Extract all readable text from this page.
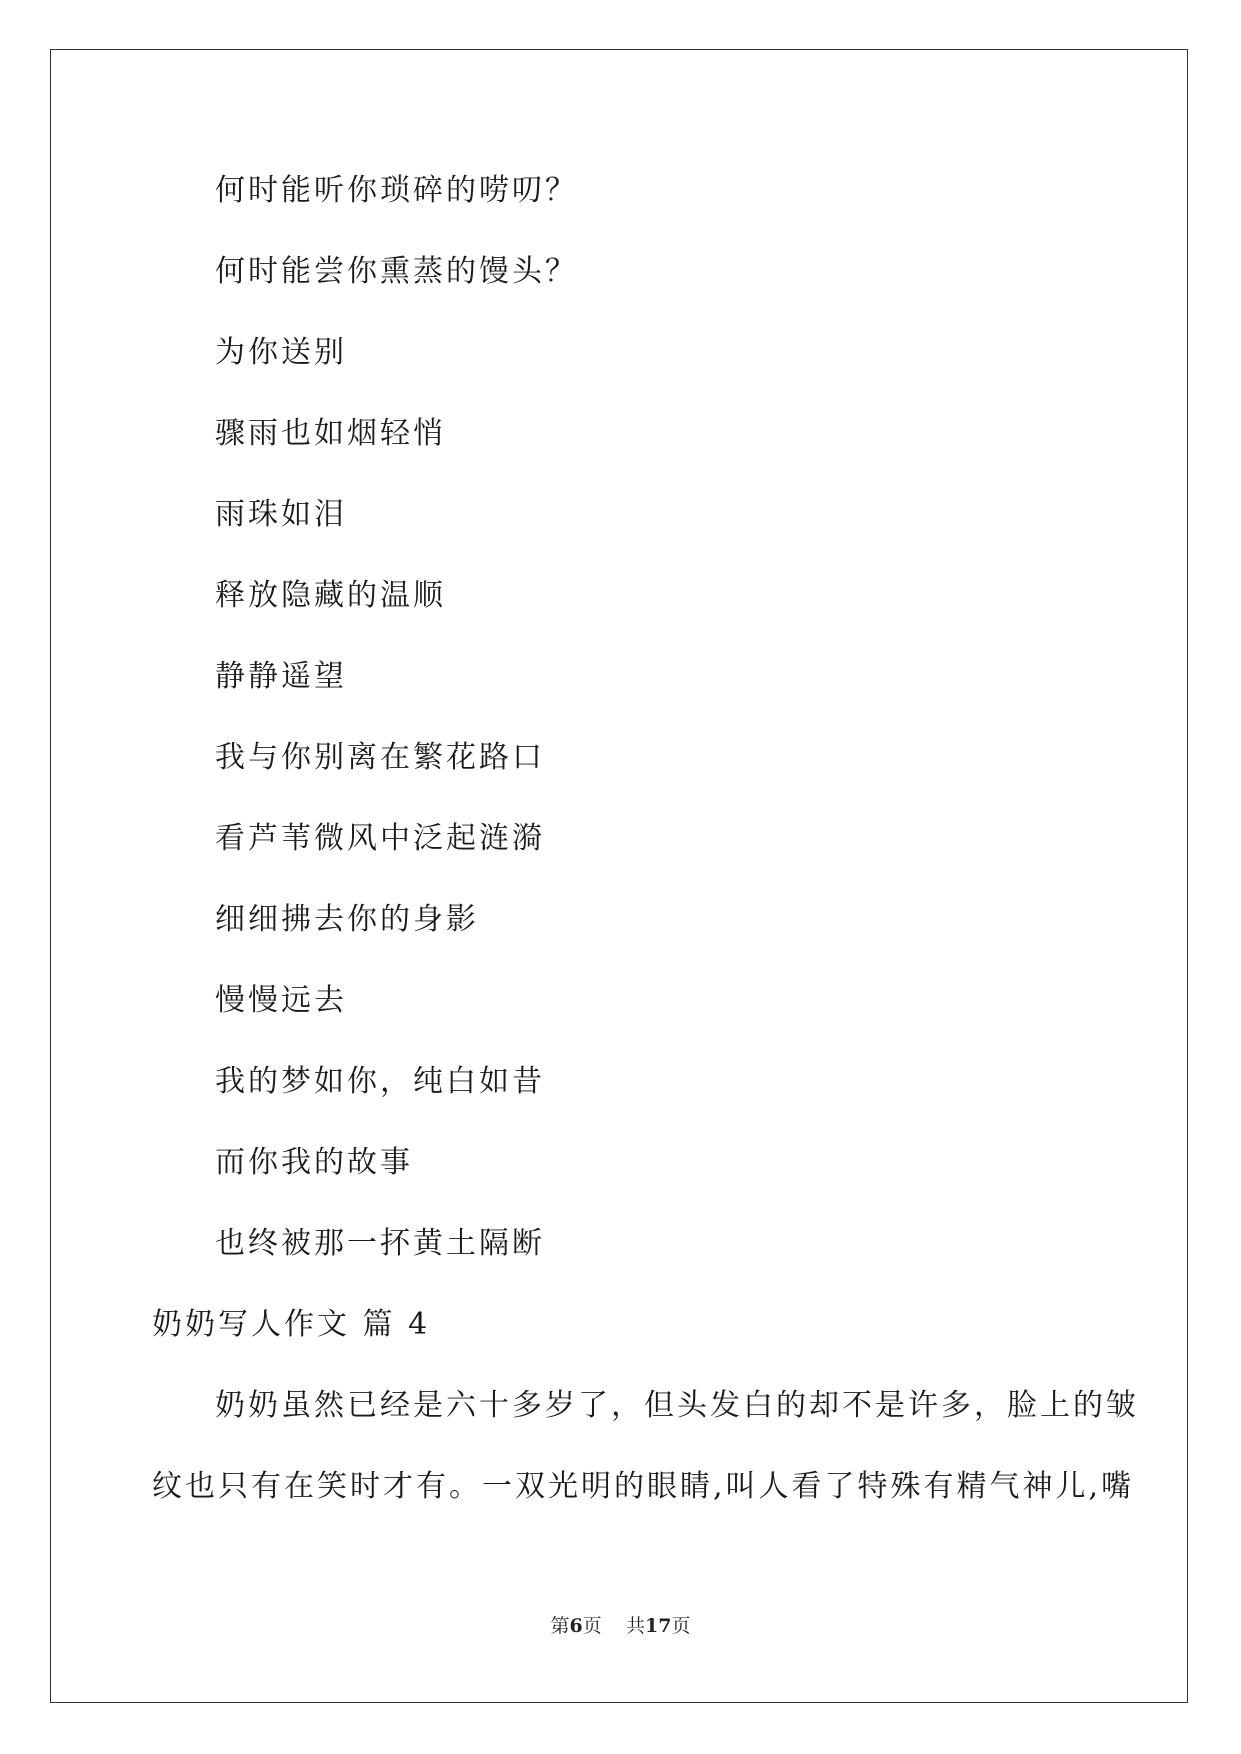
何时能听你琐碎的唠叨？
何时能尝你熏蒸的馒头？
为你送别
骤雨也如烟轻悄
雨珠如泪
释放隐藏的温顺
静静遥望
我与你别离在繁花路口
看芦苇微风中泛起涟漪
细细拂去你的身影
慢慢远去
我的梦如你，纯白如昔
而你我的故事
也终被那一抔黄土隔断
奶奶写人作文 篇 4
奶奶虽然已经是六十多岁了，但头发白的却不是许多，脸上的皱
纹也只有在笑时才有。一双光明的眼睛,叫人看了特殊有精气神儿,嘴
第6页 共17页
